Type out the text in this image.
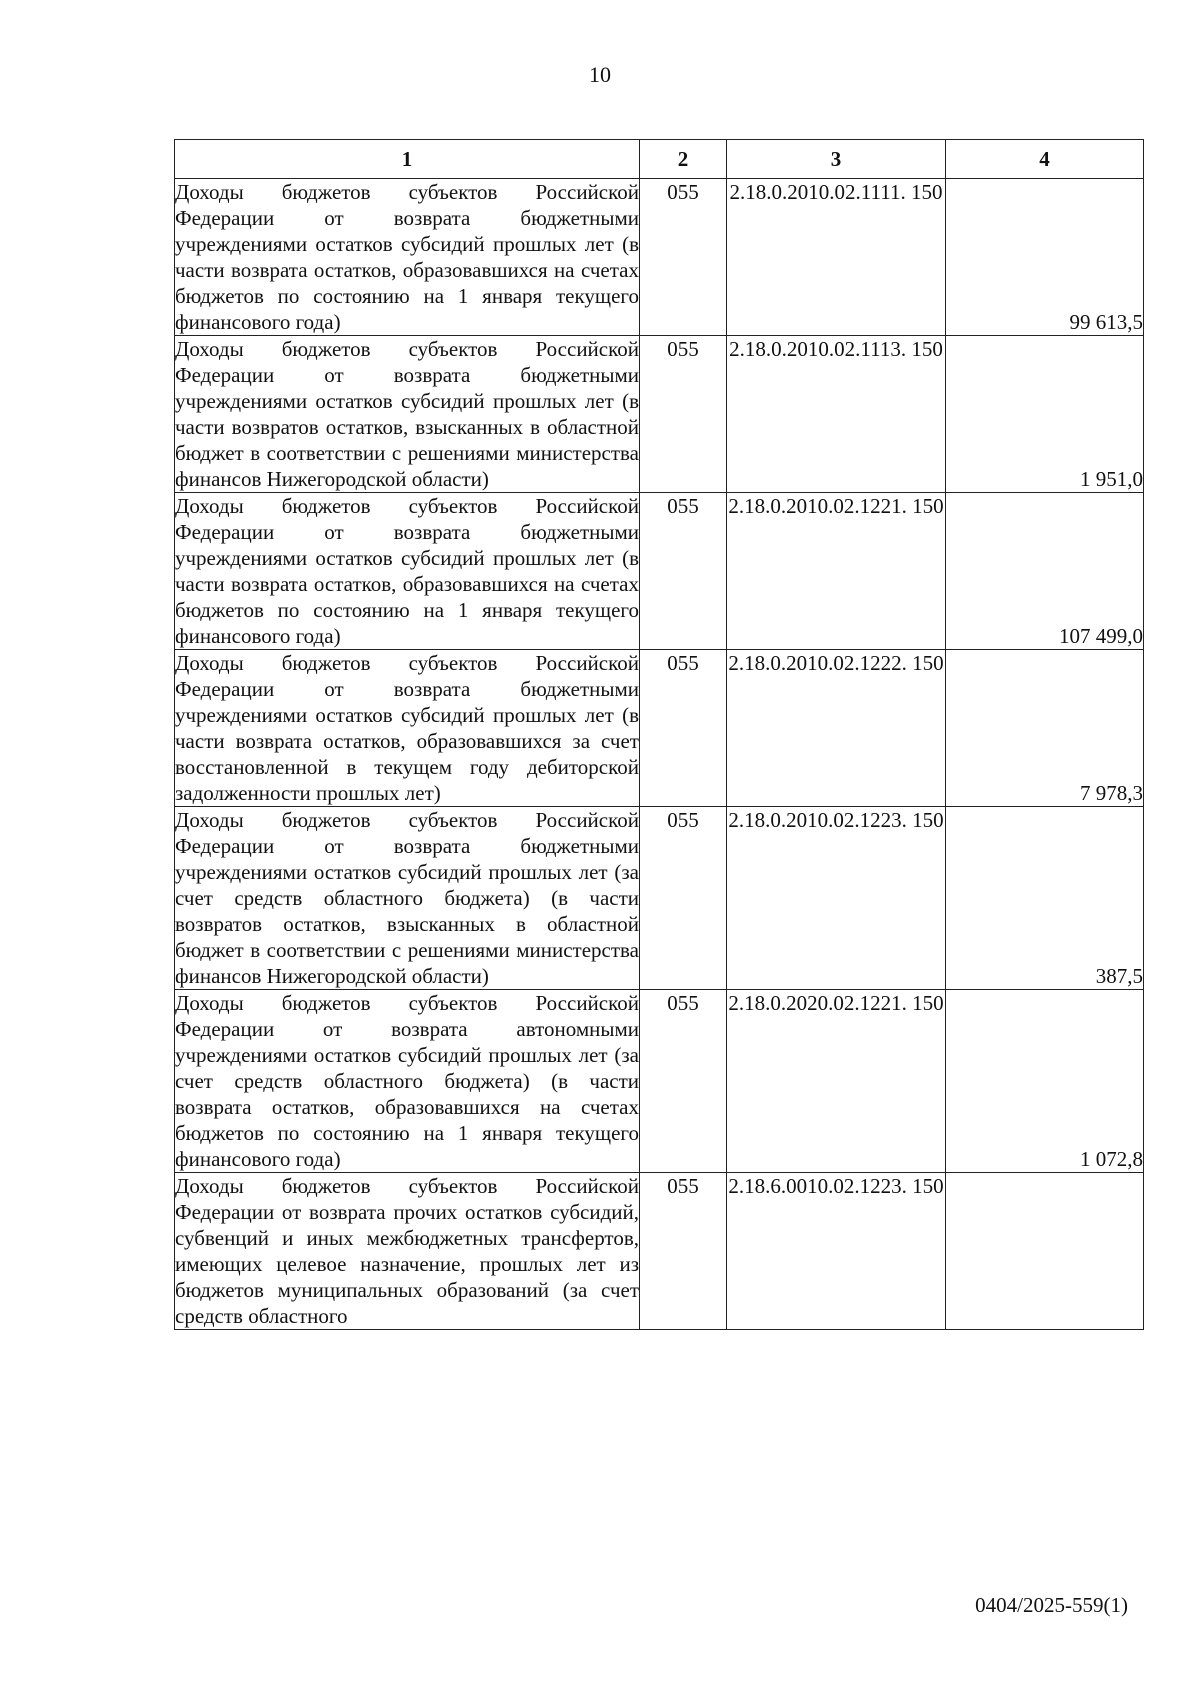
10
1	2	3	4
Доходы бюджетов субъектов Российской Федерации от возврата бюджетными учреждениями остатков субсидий прошлых лет (в части возврата остатков, образовавшихся на счетах бюджетов по состоянию на 1 января текущего финансового года)	055	2.18.0.2010.02.1111. 150	99 613,5
Доходы бюджетов субъектов Российской Федерации от возврата бюджетными учреждениями остатков субсидий прошлых лет (в части возвратов остатков, взысканных в областной бюджет в соответствии с решениями министерства финансов Нижегородской области)	055	2.18.0.2010.02.1113. 150	1 951,0
Доходы бюджетов субъектов Российской Федерации от возврата бюджетными учреждениями остатков субсидий прошлых лет (в части возврата остатков, образовавшихся на счетах бюджетов по состоянию на 1 января текущего финансового года)	055	2.18.0.2010.02.1221. 150	107 499,0
Доходы бюджетов субъектов Российской Федерации от возврата бюджетными учреждениями остатков субсидий прошлых лет (в части возврата остатков, образовавшихся за счет восстановленной в текущем году дебиторской задолженности прошлых лет)	055	2.18.0.2010.02.1222. 150	7 978,3
Доходы бюджетов субъектов Российской Федерации от возврата бюджетными учреждениями остатков субсидий прошлых лет (за счет средств областного бюджета) (в части возвратов остатков, взысканных в областной бюджет в соответствии с решениями министерства финансов Нижегородской области)	055	2.18.0.2010.02.1223. 150	387,5
Доходы бюджетов субъектов Российской Федерации от возврата автономными учреждениями остатков субсидий прошлых лет (за счет средств областного бюджета) (в части возврата остатков, образовавшихся на счетах бюджетов по состоянию на 1 января текущего финансового года)	055	2.18.0.2020.02.1221. 150	1 072,8
Доходы бюджетов субъектов Российской Федерации от возврата прочих остатков субсидий, субвенций и иных межбюджетных трансфертов, имеющих целевое назначение, прошлых лет из бюджетов муниципальных образований (за счет средств областного	055	2.18.6.0010.02.1223. 150	
0404/2025-559(1)
